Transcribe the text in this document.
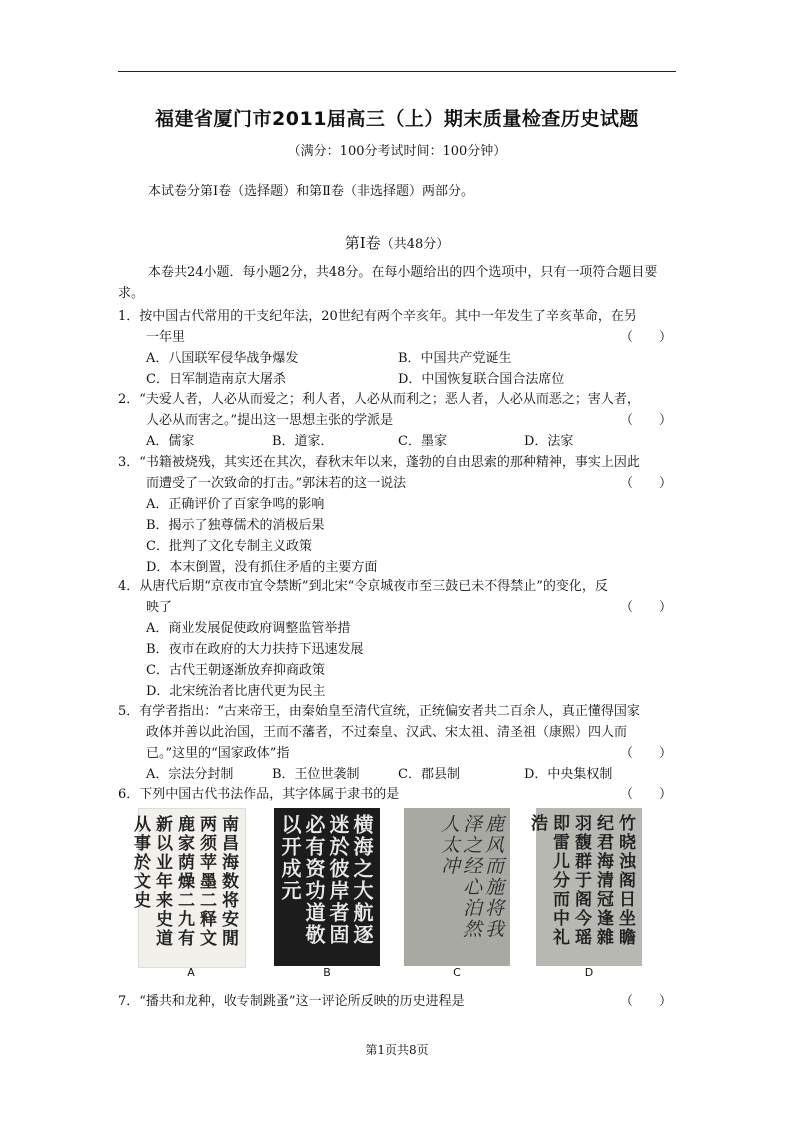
福建省厦门市2011届高三（上）期末质量检查历史试题
（满分：100分考试时间：100分钟）
本试卷分第Ⅰ卷（选择题）和第Ⅱ卷（非选择题）两部分。
第Ⅰ卷（共48分）

本卷共24小题．每小题2分，共48分。在每小题给出的四个选项中，只有一项符合题目要求。

1．按中国古代常用的干支纪年法，20世纪有两个辛亥年。其中一年发生了辛亥革命，在另
一年里	（　　）
A．八国联军侵华战争爆发	B．中国共产党诞生
C．日军制造南京大屠杀	D．中国恢复联合国合法席位
2．“夫爱人者，人必从而爱之；利人者，人必从而利之；恶人者，人必从而恶之；害人者，
人必从而害之。”提出这一思想主张的学派是	（　　）
A．儒家	B．道家．	C．墨家	D．法家
3．“书籍被烧残，其实还在其次，春秋末年以来，蓬勃的自由思索的那种精神，事实上因此
而遭受了一次致命的打击。”郭沫若的这一说法	（　　）
A．正确评价了百家争鸣的影响
B．揭示了独尊儒术的消极后果
C．批判了文化专制主义政策
D．本末倒置，没有抓住矛盾的主要方面
4．从唐代后期“京夜市宜令禁断”到北宋“令京城夜市至三鼓已未不得禁止”的变化，反
映了	（　　）
A．商业发展促使政府调整监管举措
B．夜市在政府的大力扶持下迅速发展
C．古代王朝逐渐放弃抑商政策
D．北宋统治者比唐代更为民主
5．有学者指出：“古来帝王，由秦始皇至清代宣统，正统偏安者共二百余人，真正懂得国家
政体并善以此治国，王而不藩者，不过秦皇、汉武、宋太祖、清圣祖（康熙）四人而
已。”这里的“国家政体”指	（　　）
A．宗法分封制	B．王位世袭制	C．郡县制	D．中央集权制
6．下列中国古代书法作品，其字体属于隶书的是	（　　）
南昌海数将安閒两须苹墨二释文鹿家荫燥二九有新以业年来史道从事於文史
A
横海之大航逐迷於彼岸者固必有资功道敬以开成元
B
鹿风而施将我泽之经心泊然人太冲
C
竹晓浊阁日坐瞻纪君海清冠逢雜羽馥群于阁今瑶即雷儿分而中礼浩
D
7．“播共和龙种，收专制跳蚤”这一评论所反映的历史进程是	（　　）
第1页共8页
